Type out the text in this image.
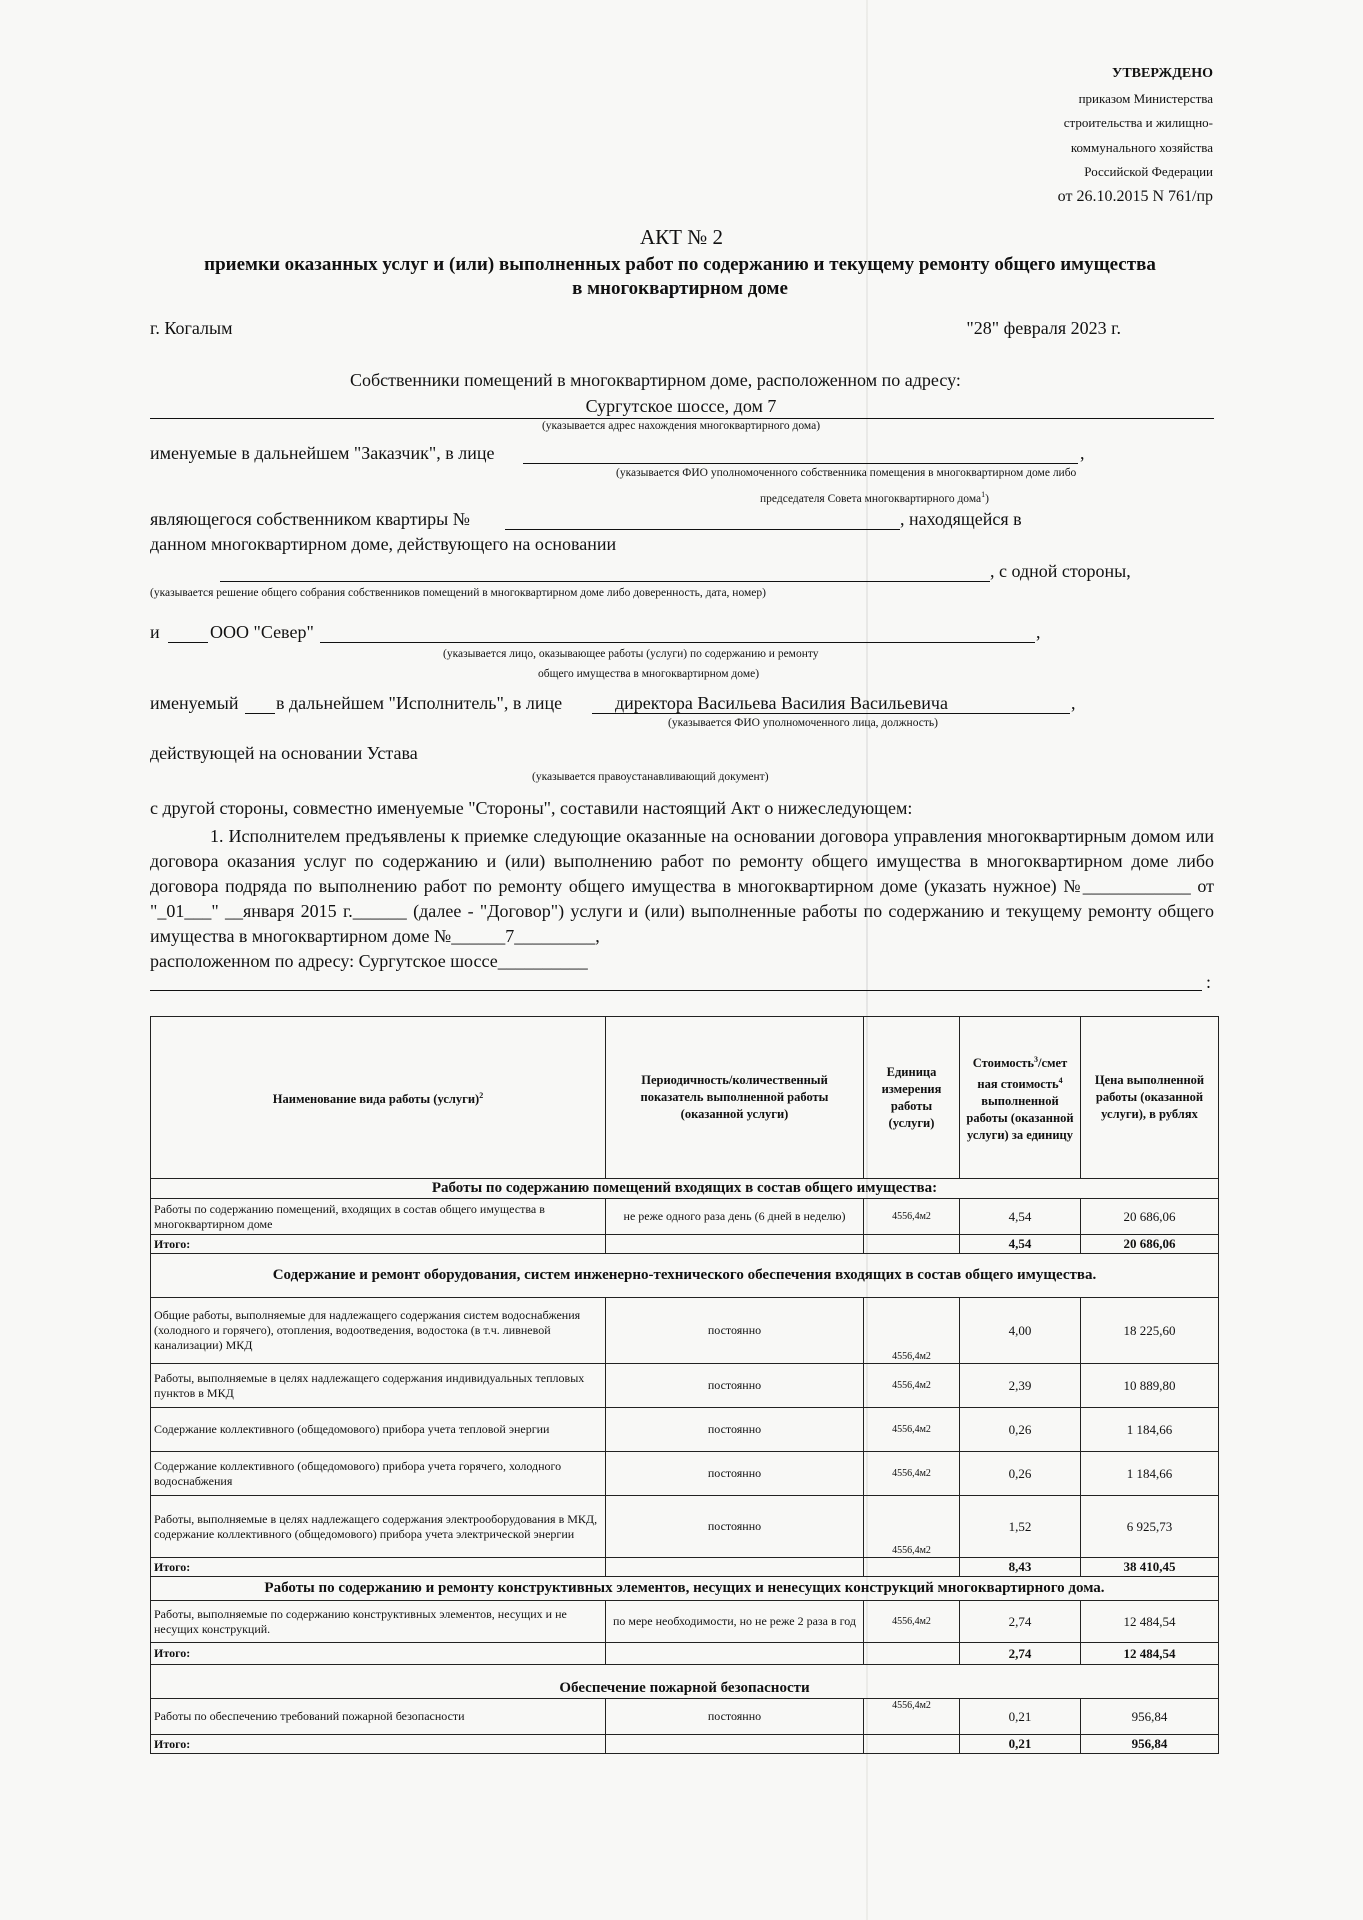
УТВЕРЖДЕНО
приказом Министерства
строительства и жилищно-
коммунального хозяйства
Российской Федерации
от 26.10.2015 N 761/пр
АКТ № 2
приемки оказанных услуг и (или) выполненных работ по содержанию и текущему ремонту общего имущества
в многоквартирном доме
г. Когалым	"28" февраля 2023 г.
Собственники помещений в многоквартирном доме, расположенном по адресу:
Сургутское шоссе, дом 7
(указывается адрес нахождения многоквартирного дома)
именуемые в дальнейшем "Заказчик", в лице	,
(указывается ФИО уполномоченного собственника помещения в многоквартирном доме либо
председателя Совета многоквартирного дома$^1$)
являющегося собственником квартиры №	, находящейся в
данном многоквартирном доме, действующего на основании
, с одной стороны,
(указывается решение общего собрания собственников помещений в многоквартирном доме либо доверенность, дата, номер)
и	ООО "Север"	,
(указывается лицо, оказывающее работы (услуги) по содержанию и ремонту
общего имущества в многоквартирном доме)
именуемый в дальнейшем "Исполнитель", в лице	директора Васильева Василия Васильевича	,
(указывается ФИО уполномоченного лица, должность)
действующей на основании Устава
(указывается правоустанавливающий документ)
с другой стороны, совместно именуемые "Стороны", составили настоящий Акт о нижеследующем:
1. Исполнителем предъявлены к приемке следующие оказанные на основании договора управления многоквартирным домом или договора оказания услуг по содержанию и (или) выполнению работ по ремонту общего имущества в многоквартирном доме либо договора подряда по выполнению работ по ремонту общего имущества в многоквартирном доме (указать нужное) №____________ от "_01___" __января 2015 г.______ (далее - "Договор") услуги и (или) выполненные работы по содержанию и текущему ремонту общего имущества в многоквартирном доме №______7_________,
расположенном по адресу: Сургутское шоссе__________
:
Наименование вида работы (услуги)$^2$	Периодичность/количественный показатель выполненной работы (оказанной услуги)	Единица измерения работы (услуги)	Стоимость$^3$/смет ная стоимость$^4$ выполненной работы (оказанной услуги) за единицу	Цена выполненной работы (оказанной услуги), в рублях
Работы по содержанию помещений входящих в состав общего имущества:				
Работы по содержанию помещений, входящих в состав общего имущества в многоквартирном доме	не реже одного раза день (6 дней в неделю)	4556,4м2	4,54	20 686,06
Итого:			4,54	20 686,06
Содержание и ремонт оборудования, систем инженерно-технического обеспечения входящих в состав общего имущества.				
Общие работы, выполняемые для надлежащего содержания систем водоснабжения (холодного и горячего), отопления, водоотведения, водостока (в т.ч. ливневой канализации) МКД	постоянно	4556,4м2	4,00	18 225,60
Работы, выполняемые в целях надлежащего содержания индивидуальных тепловых пунктов в МКД	постоянно	4556,4м2	2,39	10 889,80
Содержание коллективного (общедомового) прибора учета тепловой энергии	постоянно	4556,4м2	0,26	1 184,66
Содержание коллективного (общедомового) прибора учета горячего, холодного водоснабжения	постоянно	4556,4м2	0,26	1 184,66
Работы, выполняемые в целях надлежащего содержания электрооборудования в МКД, содержание коллективного (общедомового) прибора учета электрической энергии	постоянно	4556,4м2	1,52	6 925,73
Итого:			8,43	38 410,45
Работы по содержанию и ремонту конструктивных элементов, несущих и ненесущих конструкций многоквартирного дома.				
Работы, выполняемые по содержанию конструктивных элементов, несущих и не несущих конструкций.	по мере необходимости, но не реже 2 раза в год	4556,4м2	2,74	12 484,54
Итого:			2,74	12 484,54
Обеспечение пожарной безопасности				
Работы по обеспечению требований пожарной безопасности	постоянно	4556,4м2	0,21	956,84
Итого:			0,21	956,84
